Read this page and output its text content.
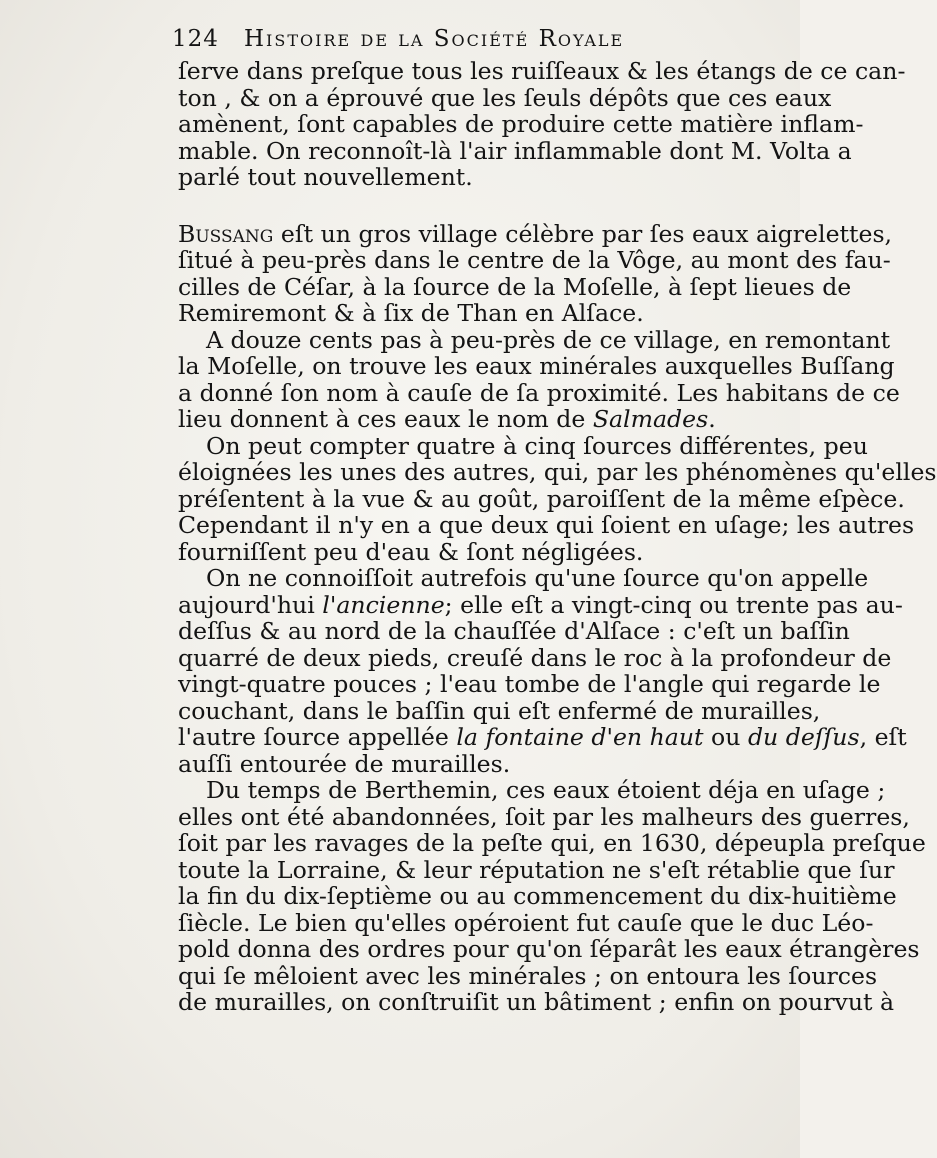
124	Histoire de la Société Royale
ſerve dans preſque tous les ruiſſeaux & les étangs de ce can-
ton , & on a éprouvé que les ſeuls dépôts que ces eaux
amènent, ſont capables de produire cette matière inflam-
mable. On reconnoît-là l'air inflammable dont M. Volta a
parlé tout nouvellement.
Bussang eſt un gros village célèbre par ſes eaux aigrelettes,
ſitué à peu-près dans le centre de la Vôge, au mont des fau-
cilles de Céſar, à la ſource de la Moſelle, à ſept lieues de
Remiremont & à ſix de Than en Alſace.
A douze cents pas à peu-près de ce village, en remontant
la Moſelle, on trouve les eaux minérales auxquelles Buſſang
a donné ſon nom à cauſe de ſa proximité. Les habitans de ce
lieu donnent à ces eaux le nom de Salmades.
On peut compter quatre à cinq ſources différentes, peu
éloignées les unes des autres, qui, par les phénomènes qu'elles
préſentent à la vue & au goût, paroiſſent de la même eſpèce.
Cependant il n'y en a que deux qui ſoient en uſage; les autres
fourniſſent peu d'eau & ſont négligées.
On ne connoiſſoit autrefois qu'une ſource qu'on appelle
aujourd'hui l'ancienne; elle eſt a vingt-cinq ou trente pas au-
deſſus & au nord de la chauſſée d'Alſace : c'eſt un baſſin
quarré de deux pieds, creuſé dans le roc à la profondeur de
vingt-quatre pouces ; l'eau tombe de l'angle qui regarde le
couchant, dans le baſſin qui eſt enfermé de murailles,
l'autre ſource appellée la fontaine d'en haut ou du deſſus, eſt
auſſi entourée de murailles.
Du temps de Berthemin, ces eaux étoient déja en uſage ;
elles ont été abandonnées, ſoit par les malheurs des guerres,
ſoit par les ravages de la peſte qui, en 1630, dépeupla preſque
toute la Lorraine, & leur réputation ne s'eſt rétablie que ſur
la fin du dix-ſeptième ou au commencement du dix-huitième
ſiècle. Le bien qu'elles opéroient fut cauſe que le duc Léo-
pold donna des ordres pour qu'on ſéparât les eaux étrangères
qui ſe mêloient avec les minérales ; on entoura les ſources
de murailles, on conſtruiſit un bâtiment ; enfin on pourvut à
